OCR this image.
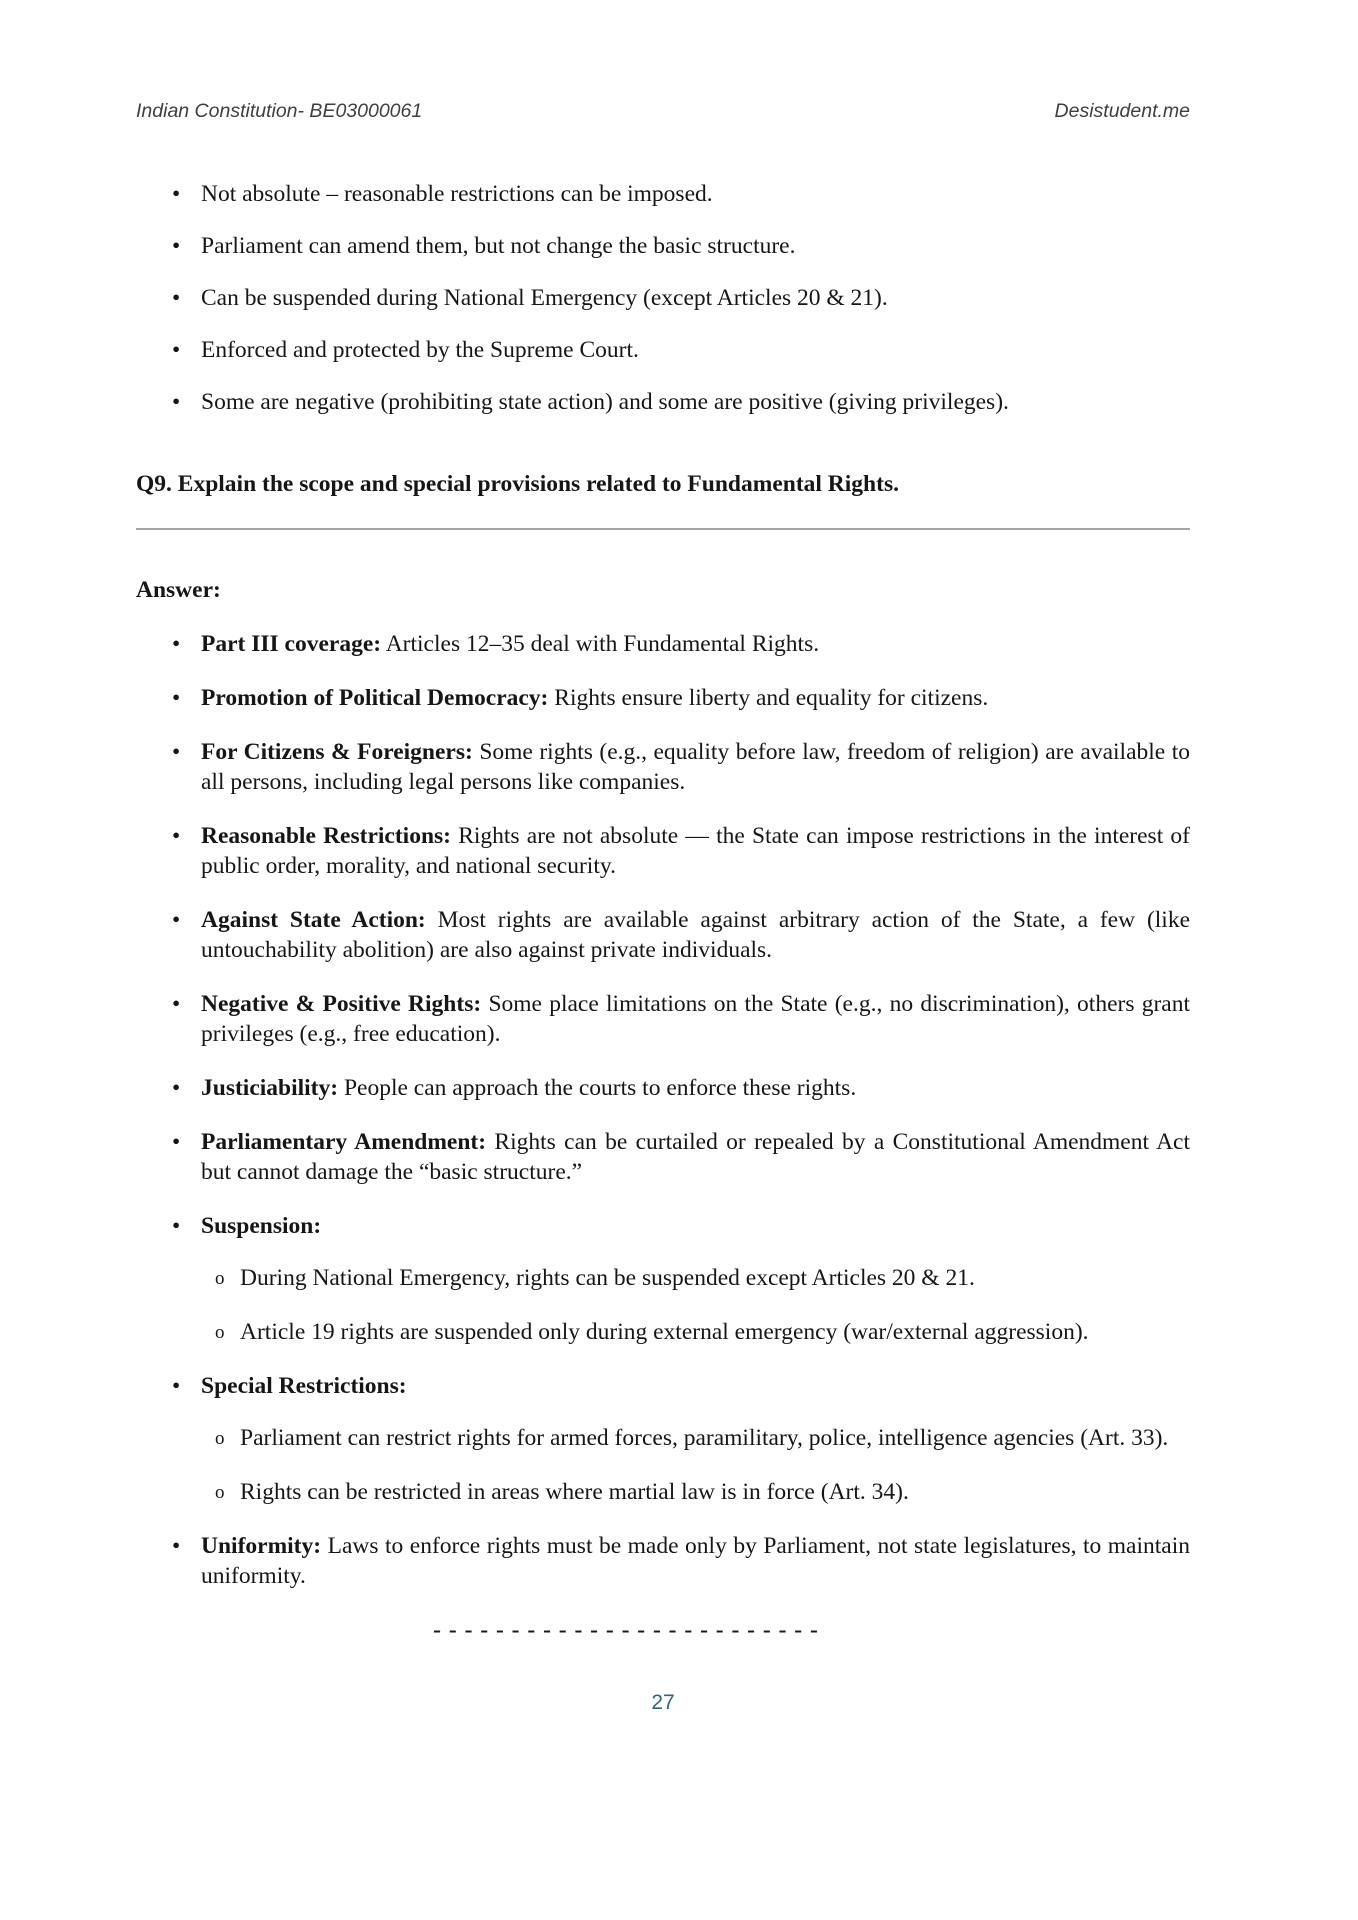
Indian Constitution- BE03000061	Desistudent.me
• Not absolute – reasonable restrictions can be imposed.
• Parliament can amend them, but not change the basic structure.
• Can be suspended during National Emergency (except Articles 20 & 21).
• Enforced and protected by the Supreme Court.
• Some are negative (prohibiting state action) and some are positive (giving privileges).
Q9. Explain the scope and special provisions related to Fundamental Rights.
Answer:
• Part III coverage: Articles 12–35 deal with Fundamental Rights.
• Promotion of Political Democracy: Rights ensure liberty and equality for citizens.
• For Citizens & Foreigners: Some rights (e.g., equality before law, freedom of religion) are available to all persons, including legal persons like companies.
• Reasonable Restrictions: Rights are not absolute — the State can impose restrictions in the interest of public order, morality, and national security.
• Against State Action: Most rights are available against arbitrary action of the State, a few (like untouchability abolition) are also against private individuals.
• Negative & Positive Rights: Some place limitations on the State (e.g., no discrimination), others grant privileges (e.g., free education).
• Justiciability: People can approach the courts to enforce these rights.
• Parliamentary Amendment: Rights can be curtailed or repealed by a Constitutional Amendment Act but cannot damage the “basic structure.”
• Suspension:
o During National Emergency, rights can be suspended except Articles 20 & 21.
o Article 19 rights are suspended only during external emergency (war/external aggression).
• Special Restrictions:
o Parliament can restrict rights for armed forces, paramilitary, police, intelligence agencies (Art. 33).
o Rights can be restricted in areas where martial law is in force (Art. 34).
• Uniformity: Laws to enforce rights must be made only by Parliament, not state legislatures, to maintain uniformity.
- - - - - - - - - - - - - - - - - - - - - - - - -
27
